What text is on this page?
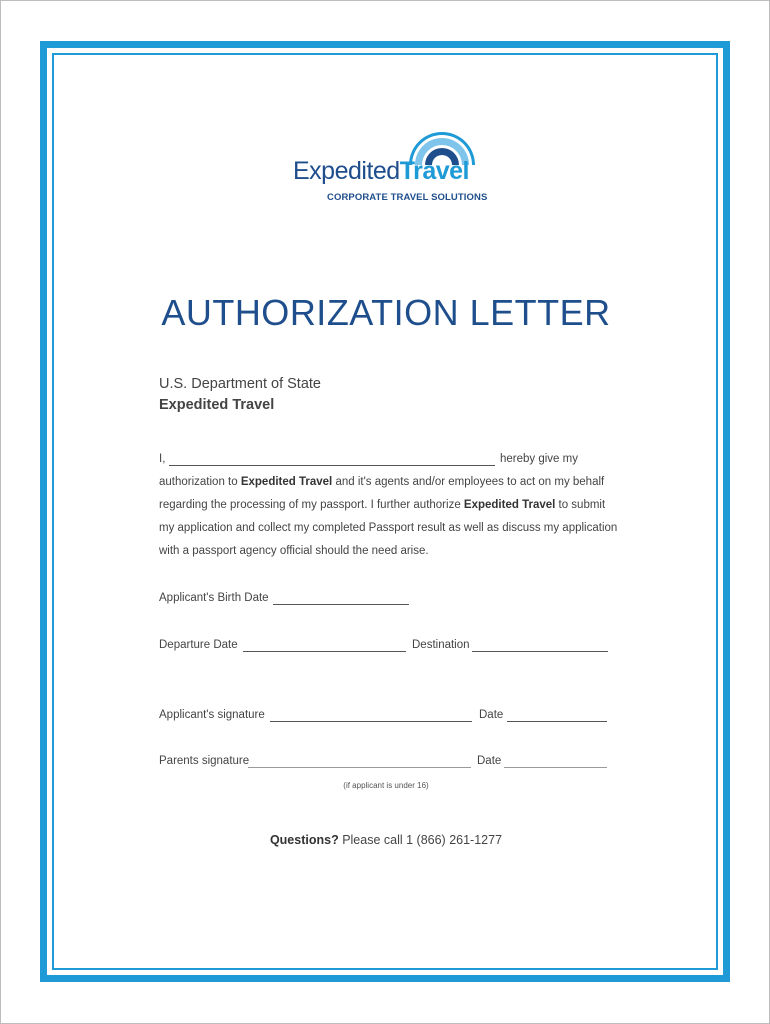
ExpeditedTravel
CORPORATE TRAVEL SOLUTIONS
AUTHORIZATION LETTER
U.S. Department of State
Expedited Travel
I,	hereby give my
authorization to Expedited Travel and it's agents and/or employees to act on my behalf
regarding the processing of my passport. I further authorize Expedited Travel to submit
my application and collect my completed Passport result as well as discuss my application
with a passport agency official should the need arise.
Applicant's Birth Date
Departure Date	Destination
Applicant's signature	Date
Parents signature	Date
(if applicant is under 16)
Questions? Please call 1 (866) 261-1277
